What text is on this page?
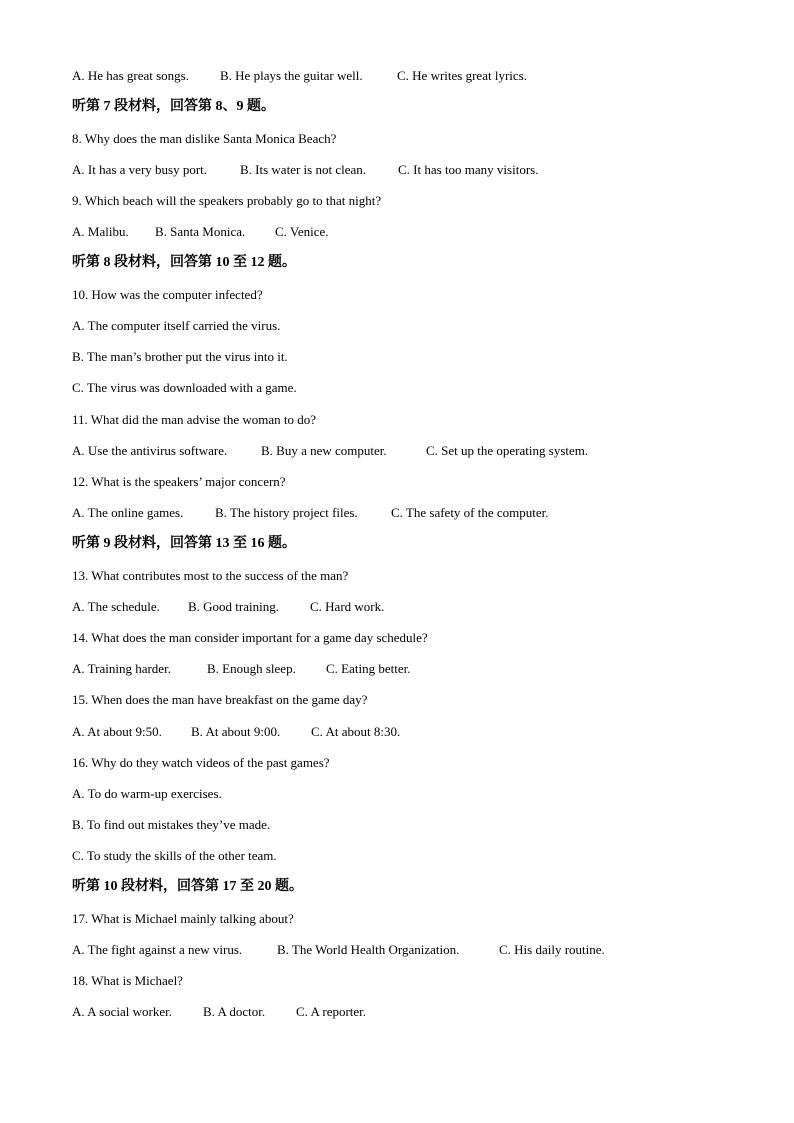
A. He has great songs. B. He plays the guitar well.	C. He writes great lyrics.
听第 7 段材料，回答第 8、9 题。
8. Why does the man dislike Santa Monica Beach?
A. It has a very busy port.	B. Its water is not clean. C. It has too many visitors.
9. Which beach will the speakers probably go to that night?
A. Malibu. B. Santa Monica. C. Venice.
听第 8 段材料，回答第 10 至 12 题。
10. How was the computer infected?
A. The computer itself carried the virus.
B. The man’s brother put the virus into it.
C. The virus was downloaded with a game.
11. What did the man advise the woman to do?
A. Use the antivirus software.	B. Buy a new computer.	C. Set up the operating system.
12. What is the speakers’ major concern?
A. The online games. B. The history project files.	C. The safety of the computer.
听第 9 段材料，回答第 13 至 16 题。
13. What contributes most to the success of the man?
A. The schedule. B. Good training. C. Hard work.
14. What does the man consider important for a game day schedule?
A. Training harder.	B. Enough sleep. C. Eating better.
15. When does the man have breakfast on the game day?
A. At about 9:50. B. At about 9:00. C. At about 8:30.
16. Why do they watch videos of the past games?
A. To do warm-up exercises.
B. To find out mistakes they’ve made.
C. To study the skills of the other team.
听第 10 段材料，回答第 17 至 20 题。
17. What is Michael mainly talking about?
A. The fight against a new virus.	B. The World Health Organization.	C. His daily routine.
18. What is Michael?
A. A social worker. B. A doctor. C. A reporter.
